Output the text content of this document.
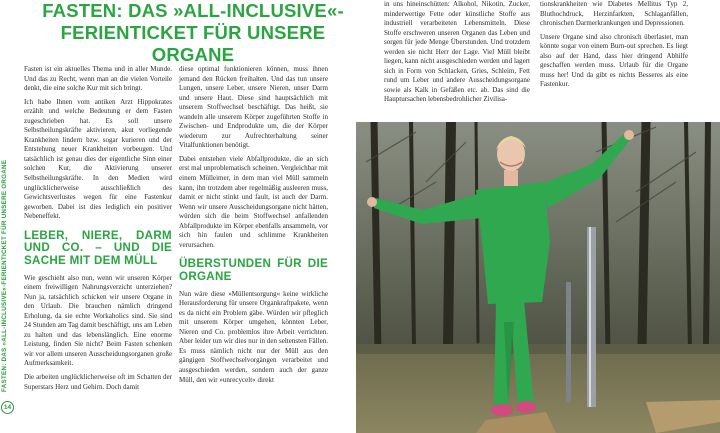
FASTEN: DAS »ALL-INCLUSIVE«-FERIENTICKET FÜR UNSERE ORGANE
14
FASTEN: DAS »ALL-INCLUSIVE«-
FERIENTICKET FÜR UNSERE ORGANE

Fasten ist ein aktuelles Thema und in aller Munde. Und das zu Recht, wenn man an die vielen Vorteile denkt, die eine solche Kur mit sich bringt.

Ich habe Ihnen vom antiken Arzt Hippokrates erzählt und welche Bedeutung er dem Fasten zugeschrieben hat. Es soll unsere Selbstheilungskräfte aktivieren, akut vorliegende Krankheiten lindern bzw. sogar kurieren und der Entstehung neuer Krankheiten vorbeugen. Und tatsächlich ist genau dies der eigentliche Sinn einer solchen Kur, die Aktivierung unserer Selbstheilungskräfte. In den Medien wird unglücklicherweise ausschließlich des Gewichtsverlustes wegen für eine Fastenkur geworben. Dabei ist dies lediglich ein positiver Nebeneffekt.

LEBER, NIERE, DARM UND CO. – UND DIE SACHE MIT DEM MÜLL

Wie geschieht also nun, wenn wir unseren Körper einem freiwilligen Nahrungsverzicht unterziehen? Nun ja, tatsächlich schicken wir unsere Organe in den Urlaub. Die brauchen nämlich dringend Erholung, da sie echte Workaholics sind. Sie sind 24 Stunden am Tag damit beschäftigt, uns am Leben zu halten und das lebenslänglich. Eine enorme Leistung, finden Sie nicht? Beim Fasten schenken wir vor allem unseren Ausscheidungsorganen große Aufmerksamkeit.

Die arbeiten unglücklicherweise oft im Schatten der Superstars Herz und Gehirn. Doch damit

diese optimal funktionieren können, muss ihnen jemand den Rücken freihalten. Und das tun unsere Lungen, unsere Leber, unsere Nieren, unser Darm und unsere Haut. Diese sind hauptsächlich mit unserem Stoffwechsel beschäftigt. Das heißt, sie wandeln alle unserem Körper zugeführten Stoffe in Zwischen- und Endprodukte um, die der Körper wiederum zur Aufrechterhaltung seiner Vitalfunktionen benötigt.

Dabei entstehen viele Abfallprodukte, die an sich erst mal unproblematisch scheinen. Vergleichbar mit einem Mülleimer, in dem man viel Müll sammeln kann, ihn trotzdem aber regelmäßig ausleeren muss, damit er nicht stinkt und fault, ist auch der Darm. Wenn wir unsere Ausscheidungsorgane nicht hätten, würden sich die beim Stoffwechsel anfallenden Abfallprodukte im Körper ebenfalls ansammeln, vor sich hin faulen und schlimme Krankheiten verursachen.

ÜBERSTUNDEN FÜR DIE ORGANE

Nun wäre diese »Müllentsorgung« keine wirkliche Herausforderung für unsere Organkraftpakete, wenn es da nicht ein Problem gäbe. Würden wir pfleglich mit unserem Körper umgehen, könnten Leber, Nieren und Co. problemlos ihre Arbeit verrichten. Aber leider tun wir dies nur in den seltensten Fällen. Es muss nämlich nicht nur der Müll aus den gängigen Stoffwechselvorgängen verarbeitet und ausgeschieden werden, sondern auch der ganze Müll, den wir »unrecycelt« direkt

in uns hineinschütten: Alkohol, Nikotin, Zucker, minderwertige Fette oder künstliche Stoffe aus industriell verarbeiteten Lebensmitteln. Diese Stoffe erschweren unseren Organen das Leben und sorgen für jede Menge Überstunden. Und trotzdem werden sie nicht Herr der Lage. Viel Müll bleibt liegen, kann nicht ausgeschieden werden und lagert sich in Form von Schlacken, Gries, Schleim, Fett rund um Leber und andere Ausscheidungsorgane sowie als Kalk in Gefäßen etc. ab. Das sind die Hauptursachen lebensbedrohlicher Zivilisa-

tionskrankheiten wie Diabetes Mellitus Typ 2, Bluthochdruck, Herzinfarkten, Schlaganfällen, chronischen Darmerkrankungen und Depressionen.

Unsere Organe sind also chronisch überlastet, man könnte sogar von einem Burn-out sprechen. Es liegt also auf der Hand, dass hier dringend Abhilfe geschaffen werden muss. Urlaub für die Organe muss her! Und da gibt es nichts Besseres als eine Fastenkur.
